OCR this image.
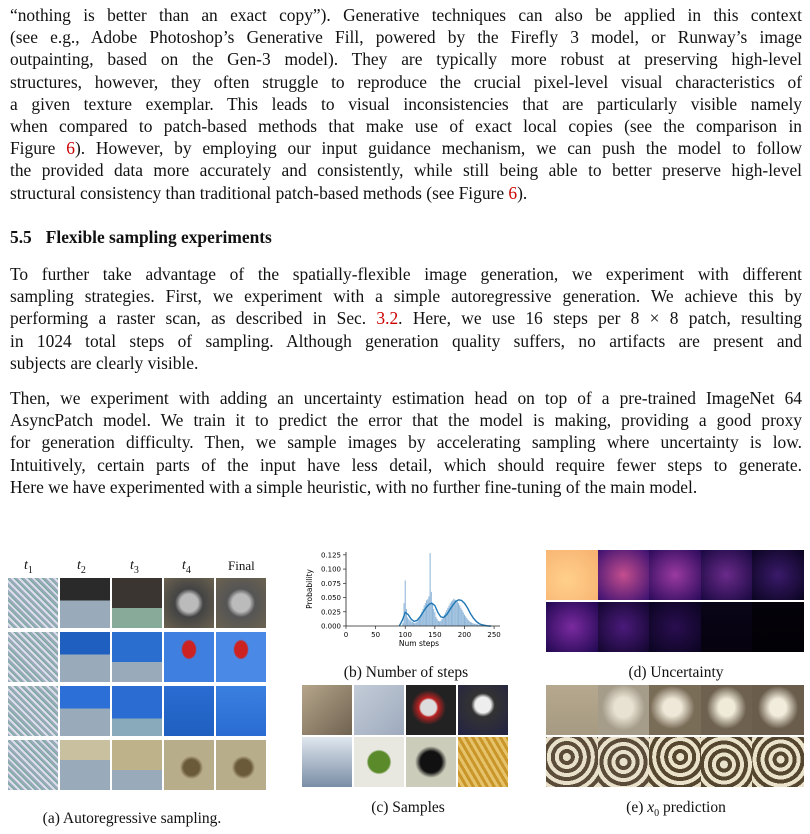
“nothing is better than an exact copy”). Generative techniques can also be applied in this context
(see e.g., Adobe Photoshop’s Generative Fill, powered by the Firefly 3 model, or Runway’s image
outpainting, based on the Gen-3 model). They are typically more robust at preserving high-level
structures, however, they often struggle to reproduce the crucial pixel-level visual characteristics of
a given texture exemplar. This leads to visual inconsistencies that are particularly visible namely
when compared to patch-based methods that make use of exact local copies (see the comparison in
Figure 6). However, by employing our input guidance mechanism, we can push the model to follow
the provided data more accurately and consistently, while still being able to better preserve high-level
structural consistency than traditional patch-based methods (see Figure 6).
5.5 Flexible sampling experiments
To further take advantage of the spatially-flexible image generation, we experiment with different
sampling strategies. First, we experiment with a simple autoregressive generation. We achieve this by
performing a raster scan, as described in Sec. 3.2. Here, we use 16 steps per 8 × 8 patch, resulting
in 1024 total steps of sampling. Although generation quality suffers, no artifacts are present and
subjects are clearly visible.
Then, we experiment with adding an uncertainty estimation head on top of a pre-trained ImageNet 64
AsyncPatch model. We train it to predict the error that the model is making, providing a good proxy
for generation difficulty. Then, we sample images by accelerating sampling where uncertainty is low.
Intuitively, certain parts of the input have less detail, which should require fewer steps to generate.
Here we have experimented with a simple heuristic, with no further fine-tuning of the main model.
$t_1$	$t_2$	$t_3$	$t_4$	Final
(a) Autoregressive sampling.
0	50	100 150 200 250
0.000
0.025
0.050
0.075
0.100
0.125
Num steps
Probability
(b) Number of steps
(c) Samples
(d) Uncertainty
(e) $x_0$ prediction
